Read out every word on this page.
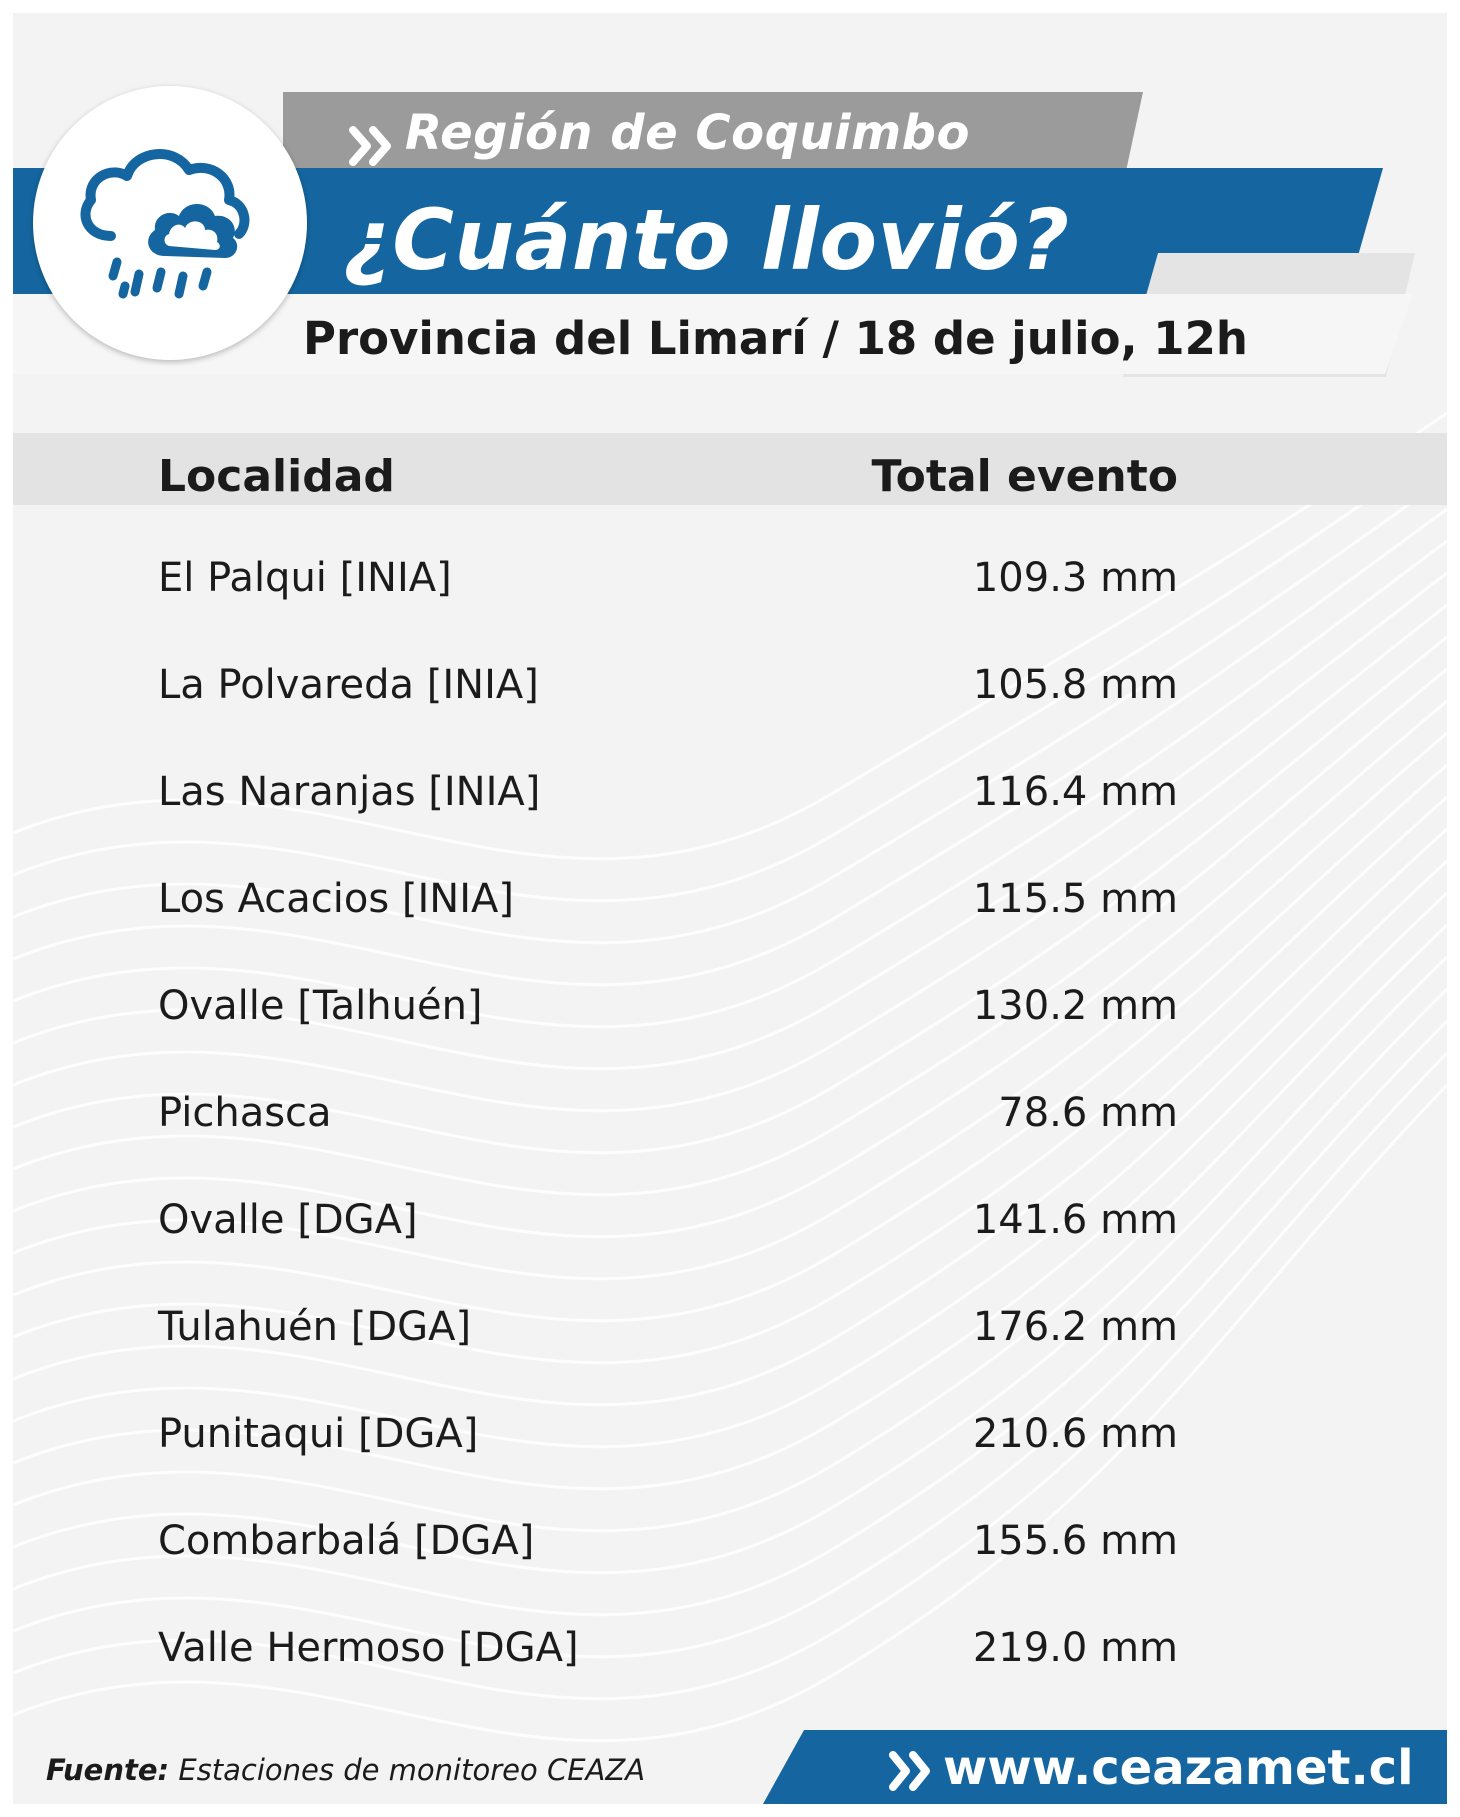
Región de Coquimbo
¿Cuánto llovió?
Provincia del Limarí / 18 de julio, 12h
Localidad	Total evento
El Palqui [INIA]	109.3 mm
La Polvareda [INIA]	105.8 mm
Las Naranjas [INIA]	116.4 mm
Los Acacios [INIA]	115.5 mm
Ovalle [Talhuén]	130.2 mm
Pichasca	78.6 mm
Ovalle [DGA]	141.6 mm
Tulahuén [DGA]	176.2 mm
Punitaqui [DGA]	210.6 mm
Combarbalá [DGA]	155.6 mm
Valle Hermoso [DGA]	219.0 mm
Fuente: Estaciones de monitoreo CEAZA	www.ceazamet.cl
